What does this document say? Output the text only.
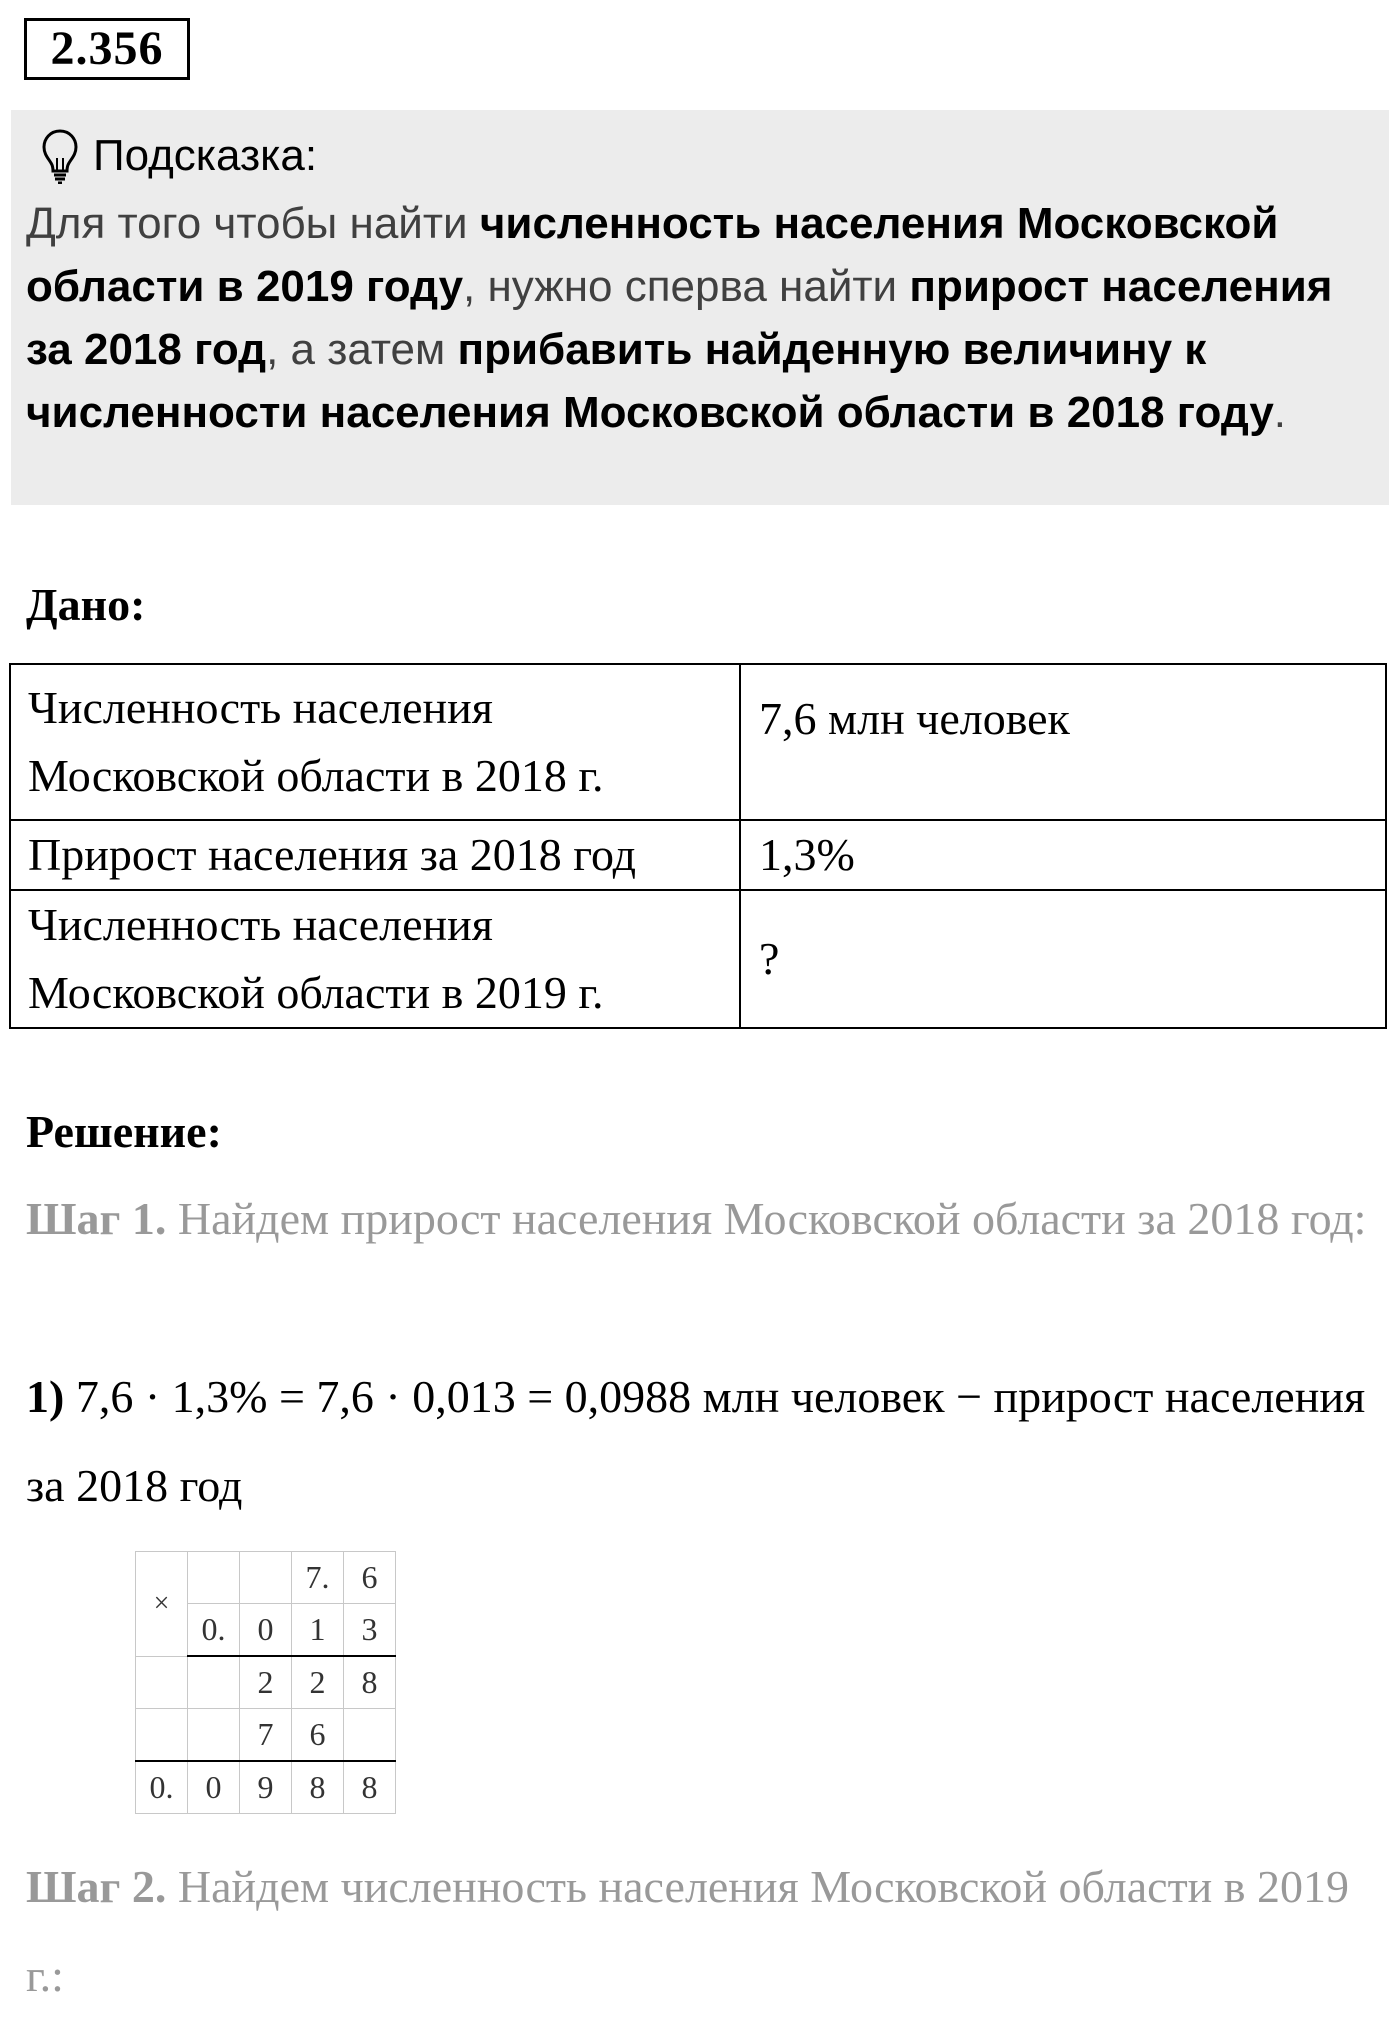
2.356
Подсказка:
Для того чтобы найти численность населения Московской области в 2019 году, нужно сперва найти прирост населения за 2018 год, а затем прибавить найденную величину к численности населения Московской области в 2018 году.
Дано:
Численность населения
Московской области в 2018 г.	7,6 млн человек
Прирост населения за 2018 год	1,3%

Численность населения
Московской области в 2019 г.	?
Решение:
Шаг 1. Найдем прирост населения Московской области за 2018 год:
1) 7,6 · 1,3% = 7,6 · 0,013 = 0,0988 млн человек − прирост населения за 2018 год
×			7.	6
	0.	0	1	3
		2	2	8
		7	6	
0.	0	9	8	8
Шаг 2. Найдем численность населения Московской области в 2019 г.:
